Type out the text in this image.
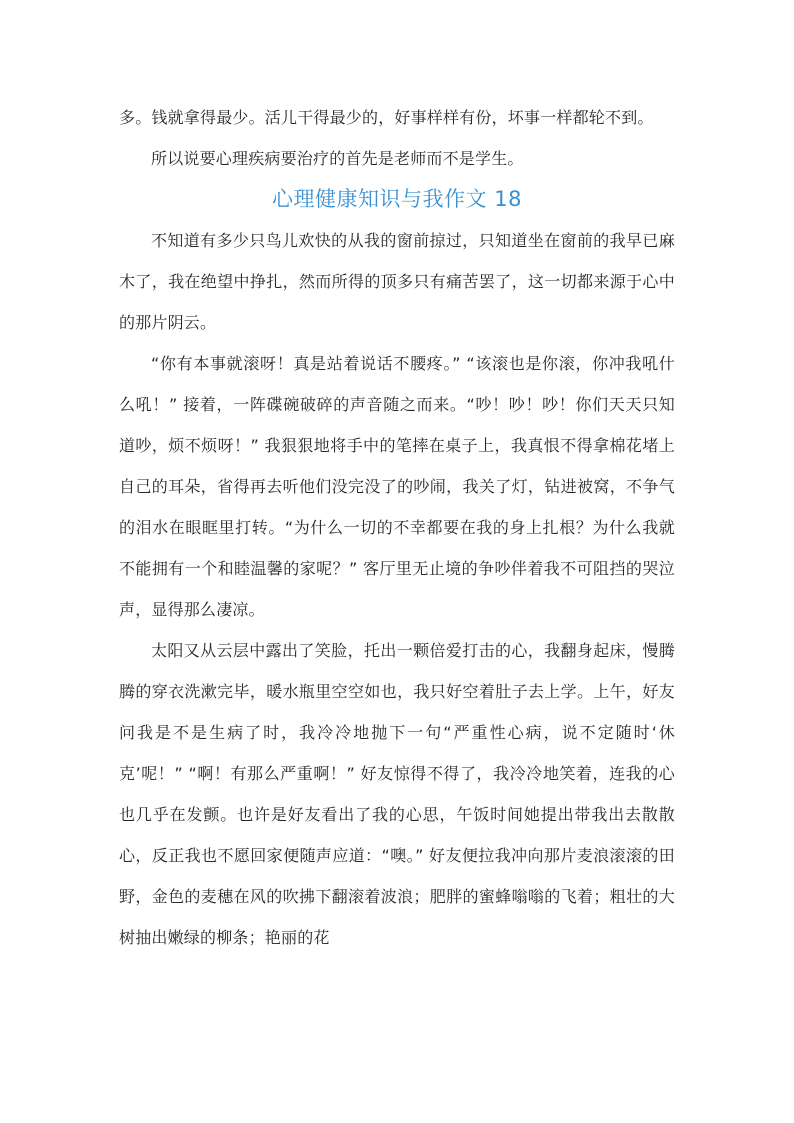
多。钱就拿得最少。活儿干得最少的，好事样样有份，坏事一样都轮不到。

所以说要心理疾病要治疗的首先是老师而不是学生。

心理健康知识与我作文 18

不知道有多少只鸟儿欢快的从我的窗前掠过，只知道坐在窗前的我早已麻木了，我在绝望中挣扎，然而所得的顶多只有痛苦罢了，这一切都来源于心中的那片阴云。

“你有本事就滚呀！真是站着说话不腰疼。” “该滚也是你滚，你冲我吼什么吼！” 接着，一阵碟碗破碎的声音随之而来。“吵！吵！吵！你们天天只知道吵，烦不烦呀！” 我狠狠地将手中的笔摔在桌子上，我真恨不得拿棉花堵上自己的耳朵，省得再去听他们没完没了的吵闹，我关了灯，钻进被窝，不争气的泪水在眼眶里打转。“为什么一切的不幸都要在我的身上扎根？为什么我就不能拥有一个和睦温馨的家呢？” 客厅里无止境的争吵伴着我不可阻挡的哭泣声，显得那么凄凉。

太阳又从云层中露出了笑脸，托出一颗倍爱打击的心，我翻身起床，慢腾腾的穿衣洗漱完毕，暖水瓶里空空如也，我只好空着肚子去上学。上午，好友问我是不是生病了时，我冷冷地抛下一句“严重性心病，说不定随时‘休克’呢！” “啊！有那么严重啊！” 好友惊得不得了，我冷冷地笑着，连我的心也几乎在发颤。也许是好友看出了我的心思，午饭时间她提出带我出去散散心，反正我也不愿回家便随声应道：“噢。” 好友便拉我冲向那片麦浪滚滚的田野，金色的麦穗在风的吹拂下翻滚着波浪；肥胖的蜜蜂嗡嗡的飞着；粗壮的大树抽出嫩绿的柳条；艳丽的花
